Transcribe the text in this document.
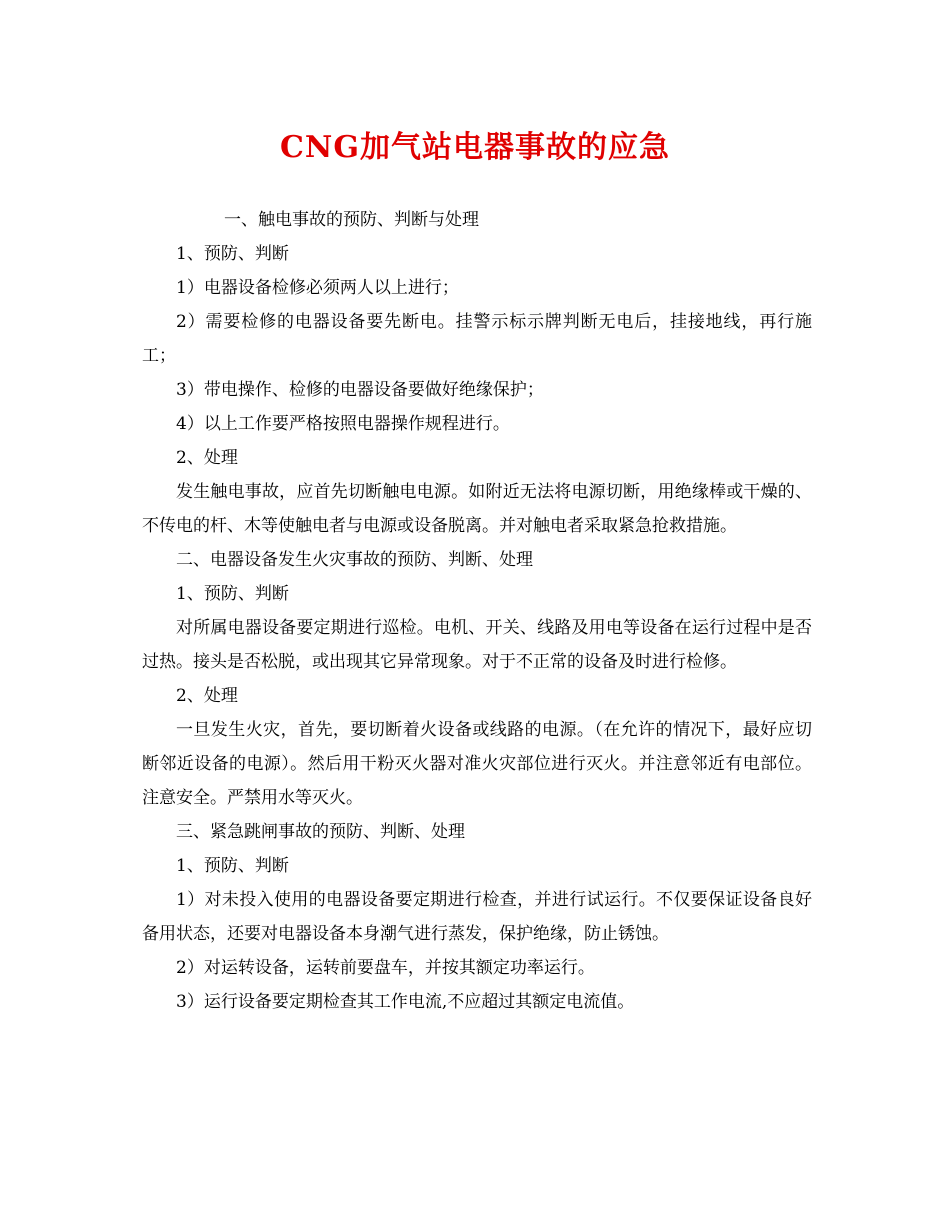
CNG加气站电器事故的应急

一、触电事故的预防、判断与处理

1、预防、判断

1）电器设备检修必须两人以上进行；

2）需要检修的电器设备要先断电。挂警示标示牌判断无电后，挂接地线，再行施工；

3）带电操作、检修的电器设备要做好绝缘保护；

4）以上工作要严格按照电器操作规程进行。

2、处理

发生触电事故，应首先切断触电电源。如附近无法将电源切断，用绝缘棒或干燥的、不传电的杆、木等使触电者与电源或设备脱离。并对触电者采取紧急抢救措施。

二、电器设备发生火灾事故的预防、判断、处理

1、预防、判断

对所属电器设备要定期进行巡检。电机、开关、线路及用电等设备在运行过程中是否过热。接头是否松脱，或出现其它异常现象。对于不正常的设备及时进行检修。

2、处理

一旦发生火灾，首先，要切断着火设备或线路的电源。（在允许的情况下，最好应切断邻近设备的电源）。然后用干粉灭火器对准火灾部位进行灭火。并注意邻近有电部位。注意安全。严禁用水等灭火。

三、紧急跳闸事故的预防、判断、处理

1、预防、判断

1）对未投入使用的电器设备要定期进行检查，并进行试运行。不仅要保证设备良好备用状态，还要对电器设备本身潮气进行蒸发，保护绝缘，防止锈蚀。

2）对运转设备，运转前要盘车，并按其额定功率运行。

3）运行设备要定期检查其工作电流,不应超过其额定电流值。
